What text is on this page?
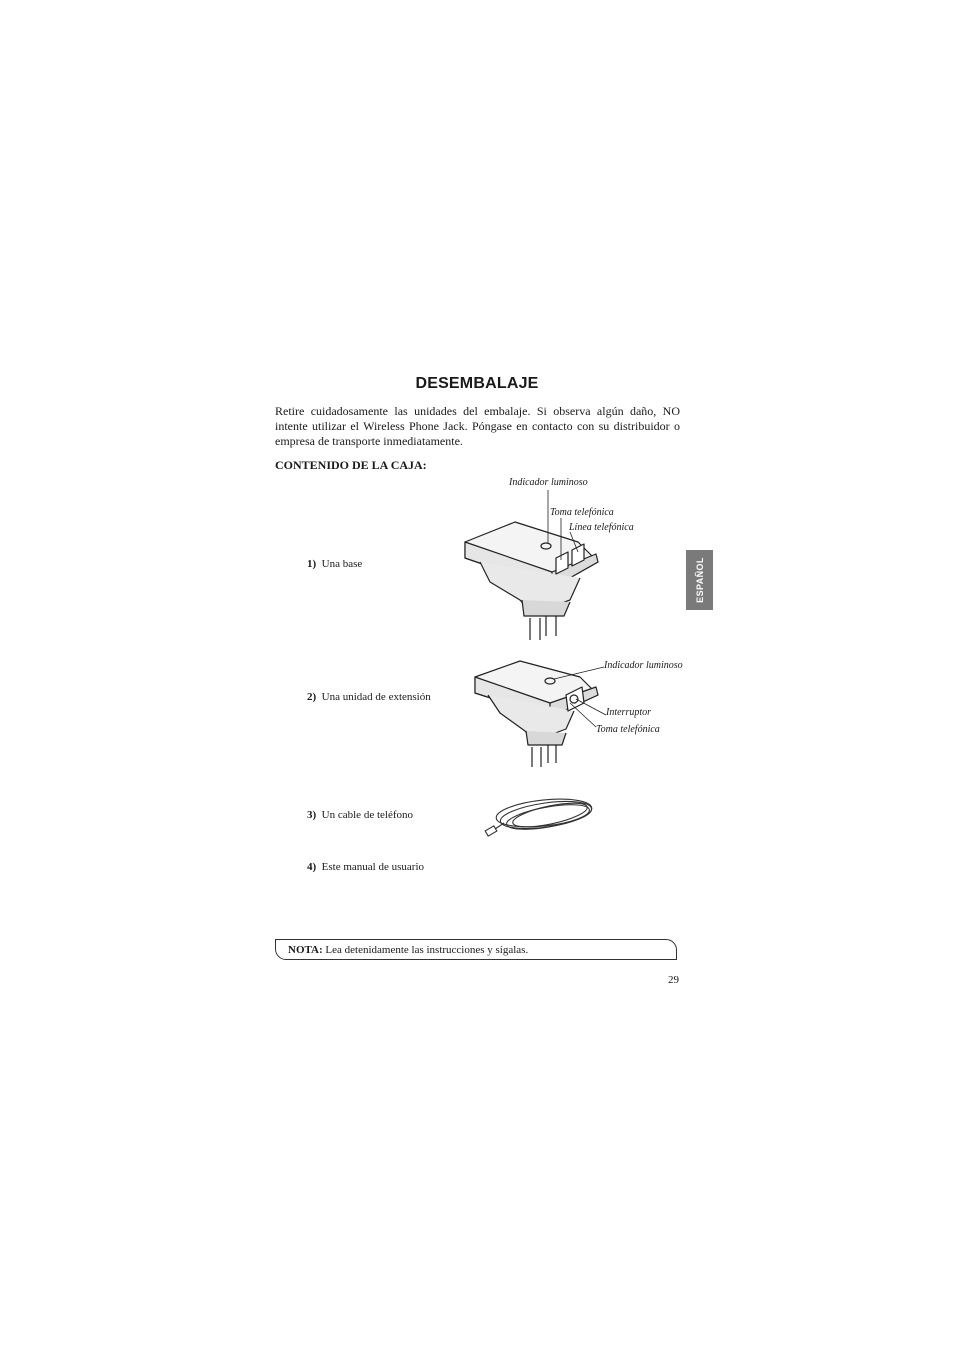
DESEMBALAJE
Retire cuidadosamente las unidades del embalaje. Si observa algún daño, NO intente utilizar el Wireless Phone Jack. Póngase en contacto con su distribuidor o empresa de transporte inmediatamente.
CONTENIDO DE LA CAJA:
1) Una base
2) Una unidad de extensión
3) Un cable de teléfono
4) Este manual de usuario
Indicador luminoso
Toma telefónica
Línea telefónica
Indicador luminoso
Interruptor
Toma telefónica
ESPAÑOL
NOTA: Lea detenidamente las instrucciones y sígalas.
29
